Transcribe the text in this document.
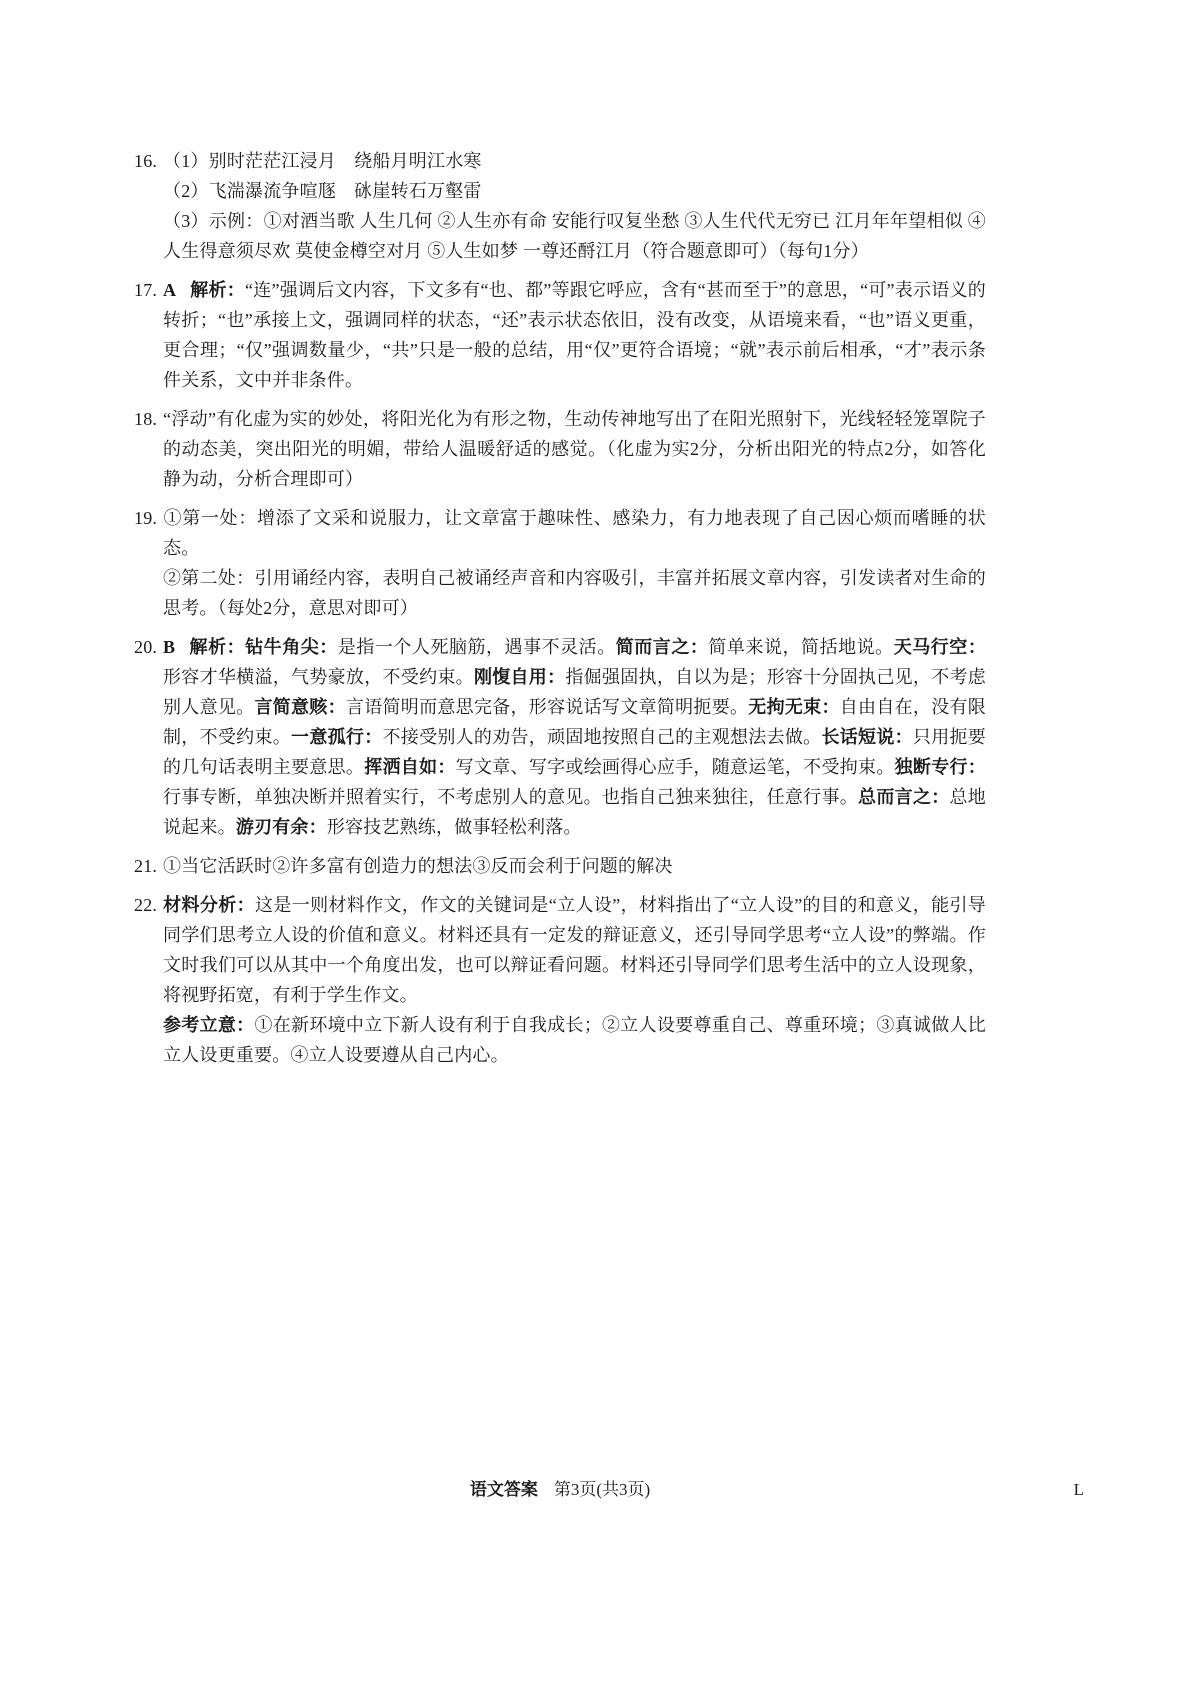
16. （1）别时茫茫江浸月　绕船月明江水寒

（2）飞湍瀑流争喧豗　砯崖转石万壑雷

（3）示例：①对酒当歌 人生几何 ②人生亦有命 安能行叹复坐愁 ③人生代代无穷已 江月年年望相似 ④人生得意须尽欢 莫使金樽空对月 ⑤人生如梦 一尊还酹江月（符合题意即可）（每句1分）

17. A 解析：“连”强调后文内容，下文多有“也、都”等跟它呼应，含有“甚而至于”的意思，“可”表示语义的转折；“也”承接上文，强调同样的状态，“还”表示状态依旧，没有改变，从语境来看，“也”语义更重，更合理；“仅”强调数量少，“共”只是一般的总结，用“仅”更符合语境；“就”表示前后相承，“才”表示条件关系，文中并非条件。

18. “浮动”有化虚为实的妙处，将阳光化为有形之物，生动传神地写出了在阳光照射下，光线轻轻笼罩院子的动态美，突出阳光的明媚，带给人温暖舒适的感觉。（化虚为实2分，分析出阳光的特点2分，如答化静为动，分析合理即可）

19. ①第一处：增添了文采和说服力，让文章富于趣味性、感染力，有力地表现了自己因心烦而嗜睡的状态。

②第二处：引用诵经内容，表明自己被诵经声音和内容吸引，丰富并拓展文章内容，引发读者对生命的思考。（每处2分，意思对即可）

20. B 解析：钻牛角尖：是指一个人死脑筋，遇事不灵活。简而言之：简单来说，简括地说。天马行空：形容才华横溢，气势豪放，不受约束。刚愎自用：指倔强固执，自以为是；形容十分固执己见，不考虑别人意见。言简意赅：言语简明而意思完备，形容说话写文章简明扼要。无拘无束：自由自在，没有限制，不受约束。一意孤行：不接受别人的劝告，顽固地按照自己的主观想法去做。长话短说：只用扼要的几句话表明主要意思。挥洒自如：写文章、写字或绘画得心应手，随意运笔，不受拘束。独断专行：行事专断，单独决断并照着实行，不考虑别人的意见。也指自己独来独往，任意行事。总而言之：总地说起来。游刃有余：形容技艺熟练，做事轻松利落。

21. ①当它活跃时②许多富有创造力的想法③反而会利于问题的解决

22. 材料分析：这是一则材料作文，作文的关键词是“立人设”，材料指出了“立人设”的目的和意义，能引导同学们思考立人设的价值和意义。材料还具有一定发的辩证意义，还引导同学思考“立人设”的弊端。作文时我们可以从其中一个角度出发，也可以辩证看问题。材料还引导同学们思考生活中的立人设现象，将视野拓宽，有利于学生作文。

参考立意：①在新环境中立下新人设有利于自我成长；②立人设要尊重自己、尊重环境；③真诚做人比立人设更重要。④立人设要遵从自己内心。

语文答案 第3页(共3页)	L
